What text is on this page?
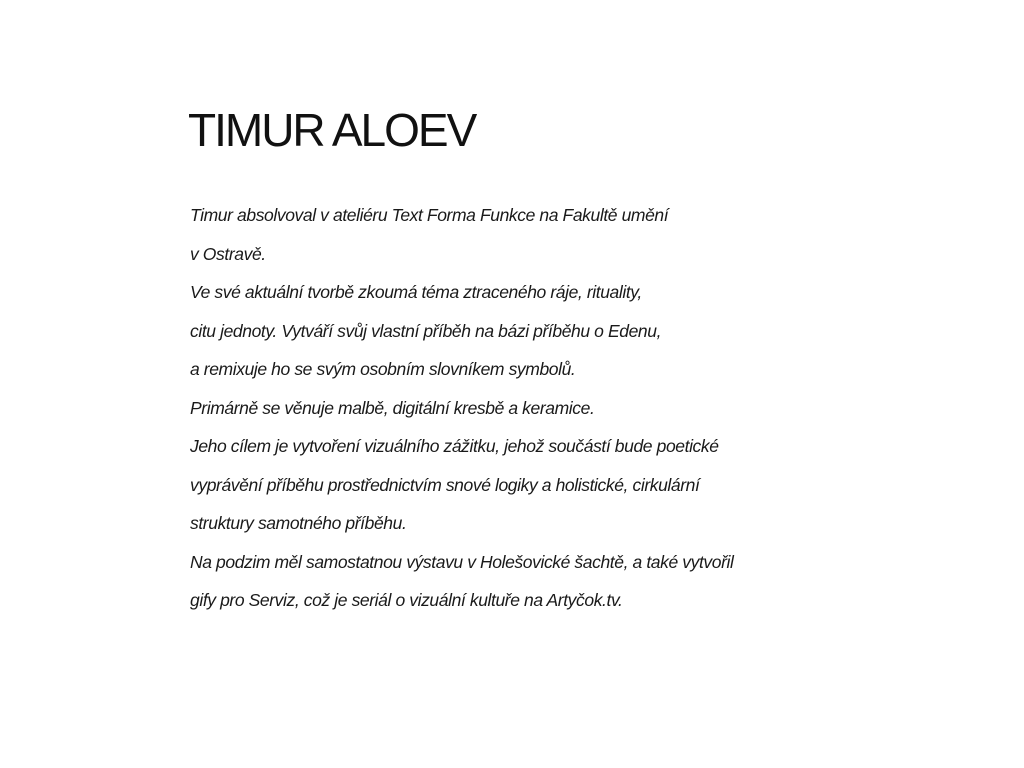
TIMUR ALOEV
Timur absolvoval v ateliéru Text Forma Funkce na Fakultě umění
v Ostravě.
Ve své aktuální tvorbě zkoumá téma ztraceného ráje, rituality,
citu jednoty. Vytváří svůj vlastní příběh na bázi příběhu o Edenu,
a remixuje ho se svým osobním slovníkem symbolů.
Primárně se věnuje malbě, digitální kresbě a keramice.
Jeho cílem je vytvoření vizuálního zážitku, jehož součástí bude poetické
vyprávění příběhu prostřednictvím snové logiky a holistické, cirkulární
struktury samotného příběhu.
Na podzim měl samostatnou výstavu v Holešovické šachtě, a také vytvořil
gify pro Serviz, což je seriál o vizuální kultuře na Artyčok.tv.
